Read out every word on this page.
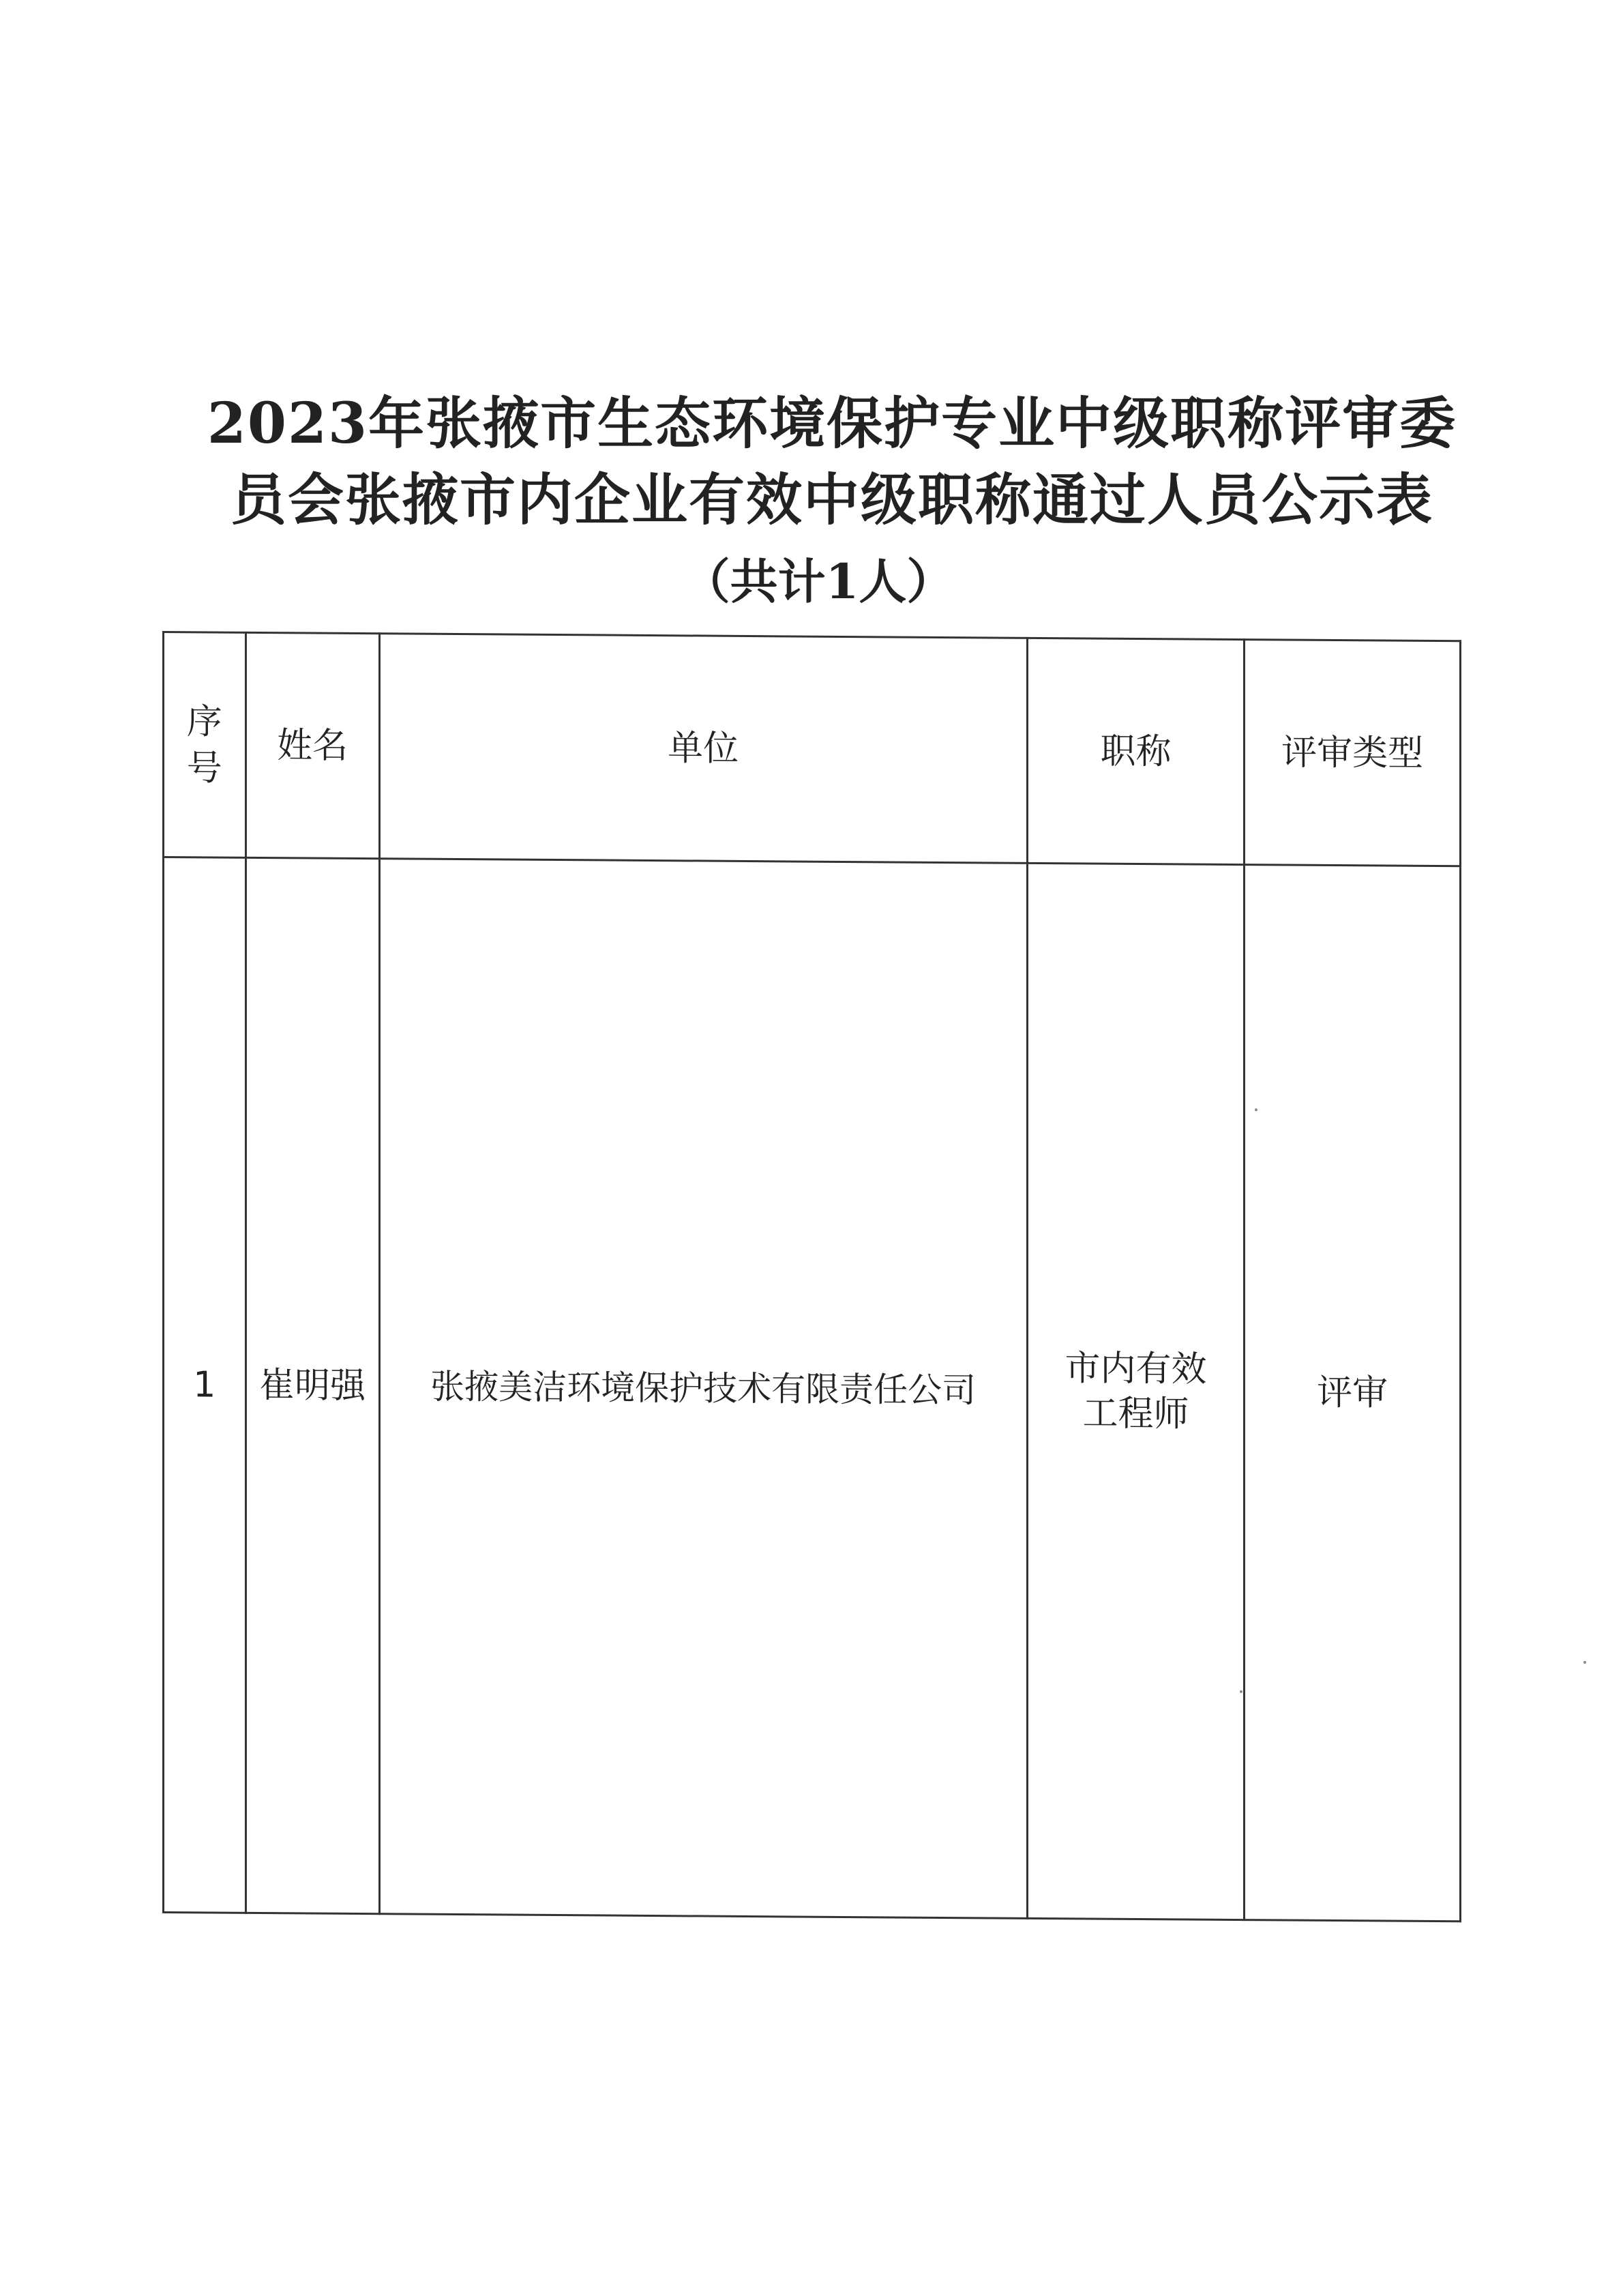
2023年张掖市生态环境保护专业中级职称评审委
员会张掖市内企业有效中级职称通过人员公示表
（共计1人）
序号	姓名	单位	职称	评审类型
1	崔明强	张掖美洁环境保护技术有限责任公司	市内有效工程师	评审
